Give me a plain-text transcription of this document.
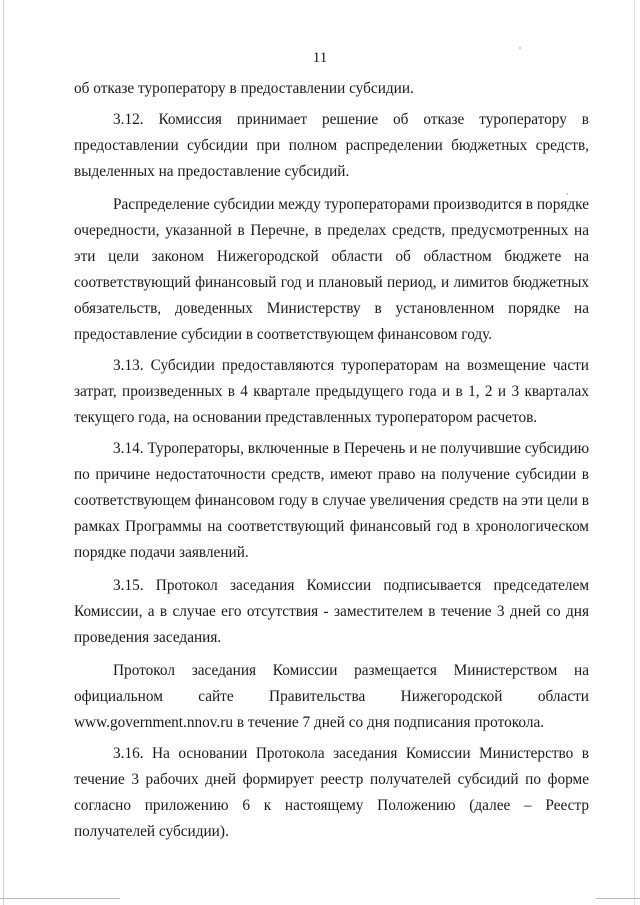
11

об отказе туроператору в предоставлении субсидии.

3.12. Комиссия принимает решение об отказе туроператору в предоставлении субсидии при полном распределении бюджетных средств, выделенных на предоставление субсидий.

Распределение субсидии между туроператорами производится в порядке очередности, указанной в Перечне, в пределах средств, предусмотренных на эти цели законом Нижегородской области об областном бюджете на соответствующий финансовый год и плановый период, и лимитов бюджетных обязательств, доведенных Министерству в установленном порядке на предоставление субсидии в соответствующем финансовом году.

3.13. Субсидии предоставляются туроператорам на возмещение части затрат, произведенных в 4 квартале предыдущего года и в 1, 2 и 3 кварталах текущего года, на основании представленных туроператором расчетов.

3.14. Туроператоры, включенные в Перечень и не получившие субсидию по причине недостаточности средств, имеют право на получение субсидии в соответствующем финансовом году в случае увеличения средств на эти цели в рамках Программы на соответствующий финансовый год в хронологическом порядке подачи заявлений.

3.15. Протокол заседания Комиссии подписывается председателем Комиссии, а в случае его отсутствия - заместителем в течение 3 дней со дня проведения заседания.

Протокол заседания Комиссии размещается Министерством на официальном сайте Правительства Нижегородской области www.government.nnov.ru в течение 7 дней со дня подписания протокола.

3.16. На основании Протокола заседания Комиссии Министерство в течение 3 рабочих дней формирует реестр получателей субсидий по форме согласно приложению 6 к настоящему Положению (далее – Реестр получателей субсидии).
